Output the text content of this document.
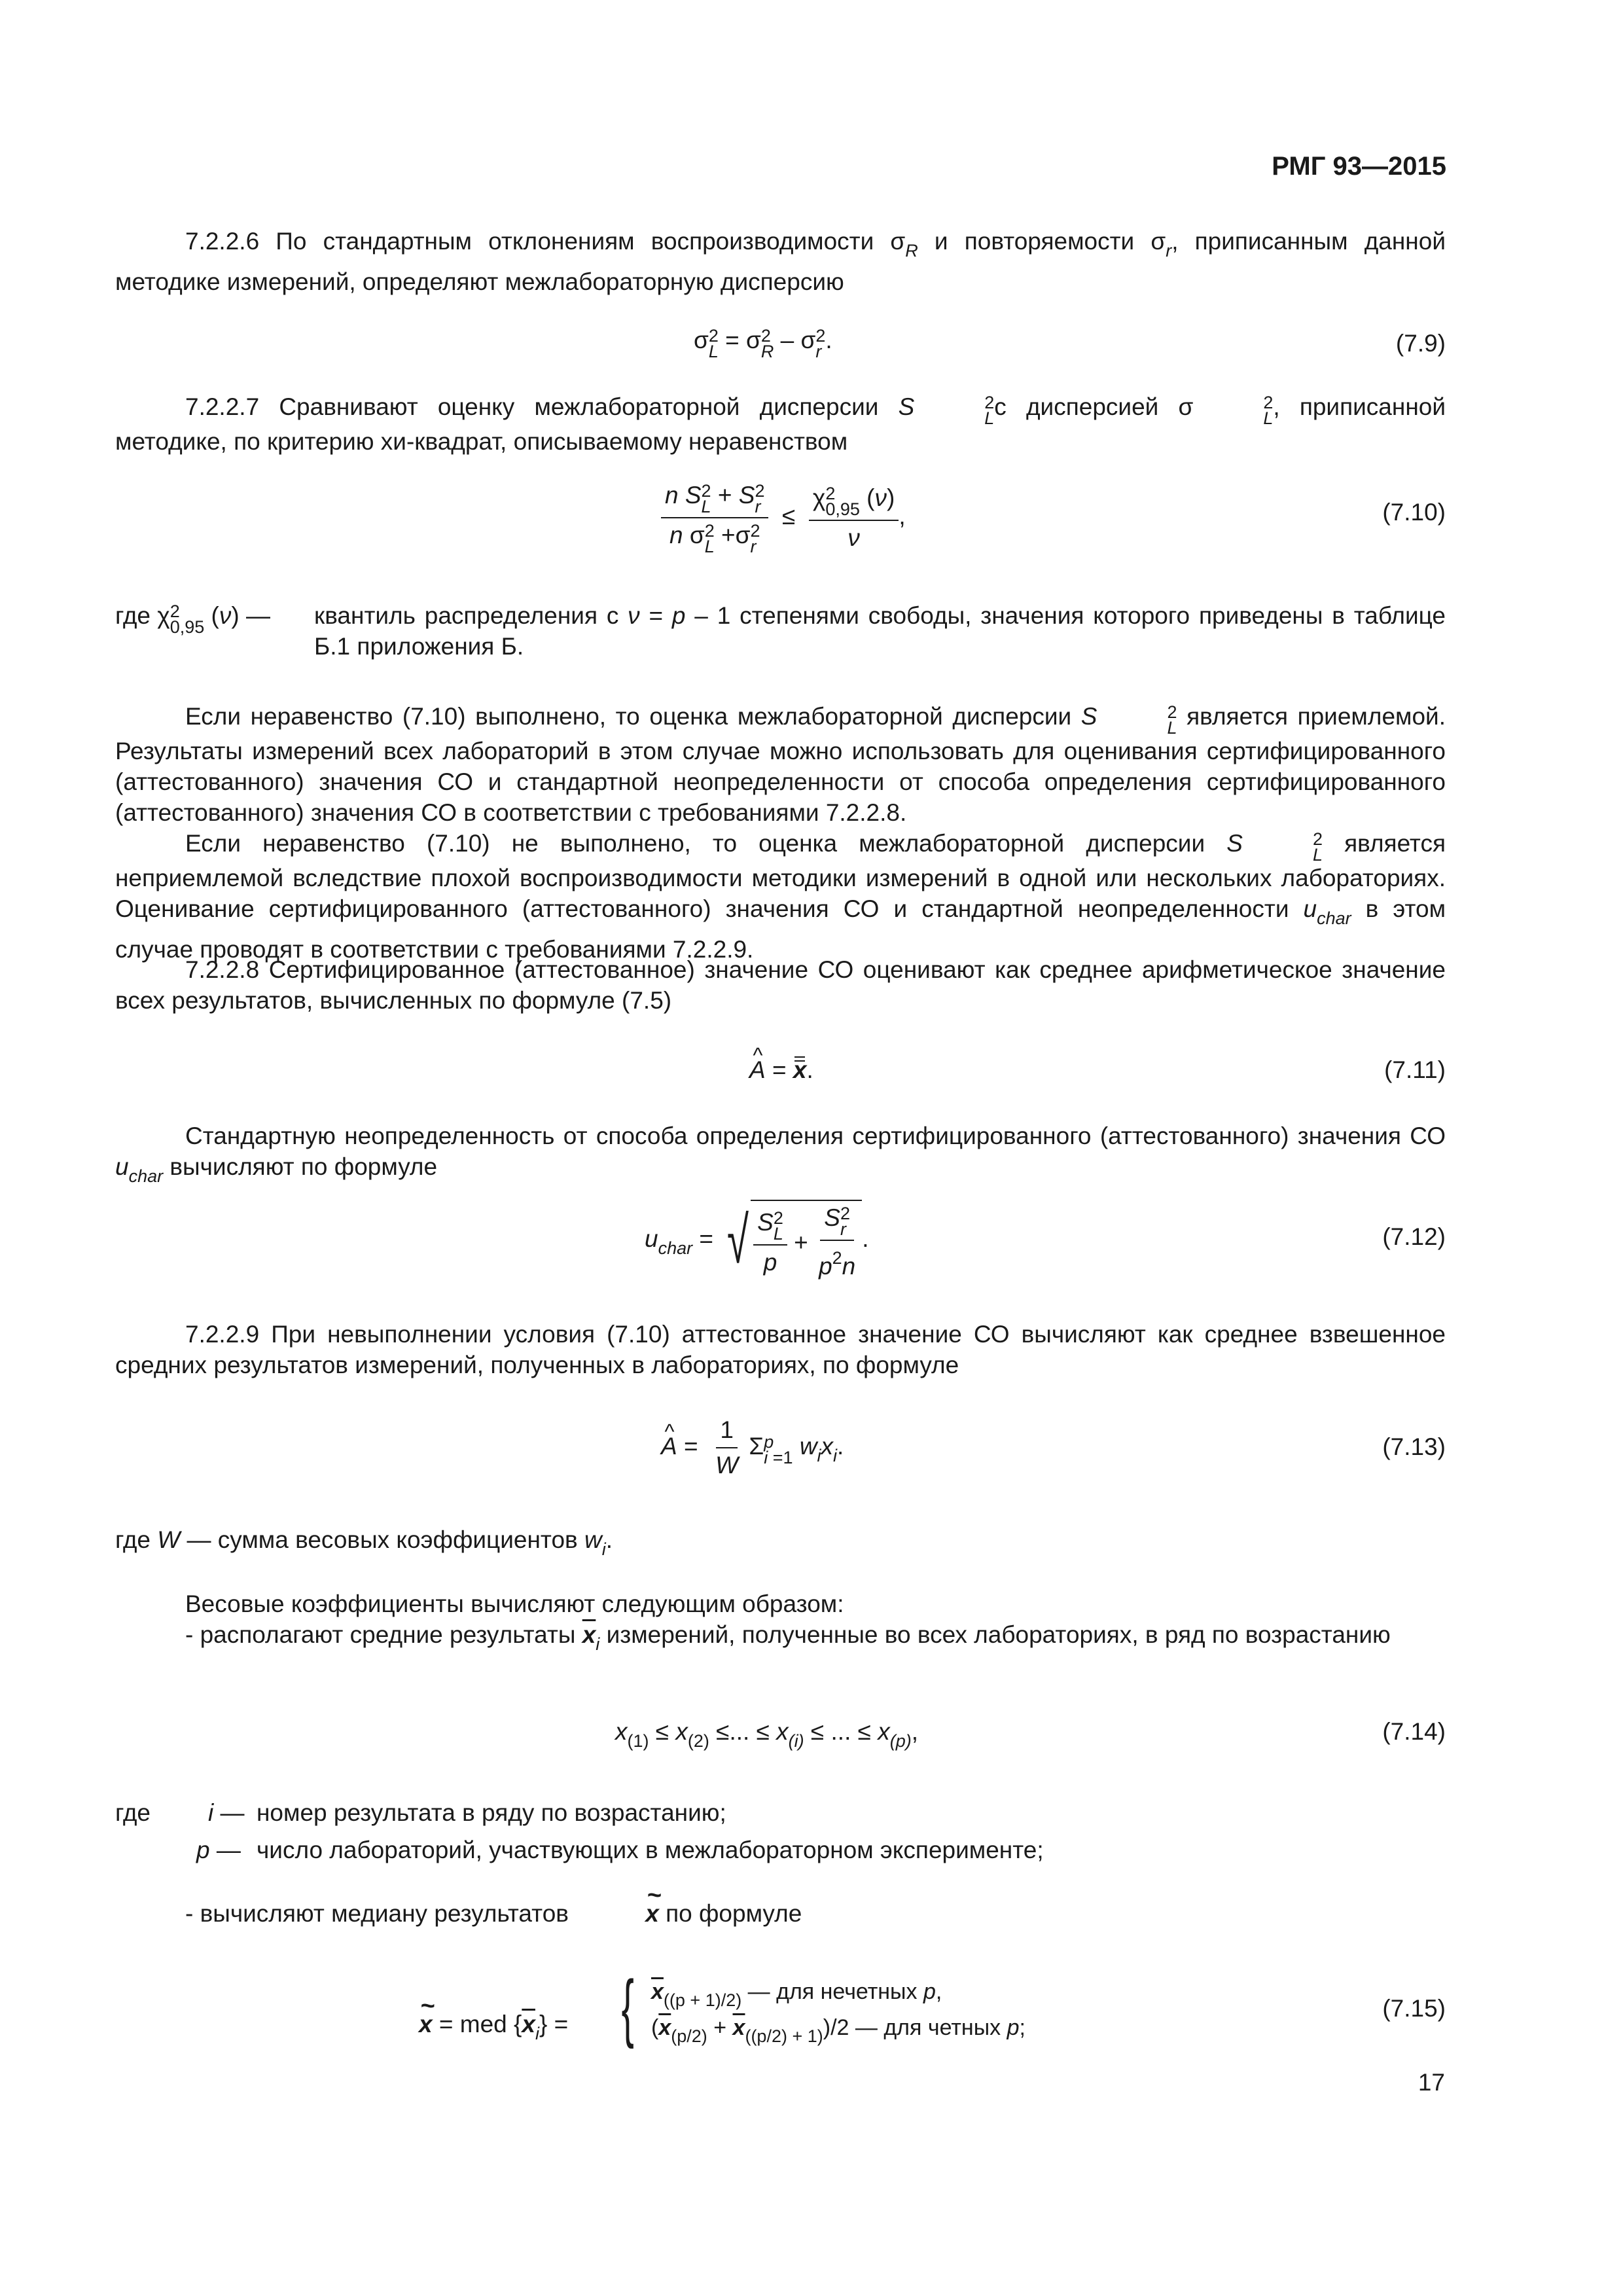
РМГ 93—2015

7.2.2.6 По стандартным отклонениям воспроизводимости $\sigma_R$ и повторяемости $\sigma_r$, приписанным данной методике измерений, определяют межлабораторную дисперсию

σ 2
L = σ 2
R – σ 2
r .	(7.9)

7.2.2.7 Сравнивают оценку межлабораторной дисперсии S	2
L с дисперсией σ	2
L , приписанной методике, по критерию хи-квадрат, описываемому неравенством

n S 2
L + S 2
r
n σ 2
L +σ 2
r ≤ χ 2
0,95 (ν)
ν ,	(7.10)
где χ 2
0,95 (ν) — квантиль распределения с ν = p – 1 степенями свободы, значения которого приведены в таблице Б.1 приложения Б.

Если неравенство (7.10) выполнено, то оценка межлабораторной дисперсии S	2
L является приемлемой. Результаты измерений всех лабораторий в этом случае можно использовать для оценивания сертифицированного (аттестованного) значения СО и стандартной неопределенности от способа определения сертифицированного (аттестованного) значения СО в соответствии с требованиями 7.2.2.8.

Если неравенство (7.10) не выполнено, то оценка межлабораторной дисперсии S	2
L является неприемлемой вследствие плохой воспроизводимости методики измерений в одной или нескольких лабораториях. Оценивание сертифицированного (аттестованного) значения СО и стандартной неопределенности $u_{char}$ в этом случае проводят в соответствии с требованиями 7.2.2.9.

7.2.2.8 Сертифицированное (аттестованное) значение СО оценивают как среднее арифметическое значение всех результатов, вычисленных по формуле (7.5)

^ A = x.	(7.11)

Стандартную неопределенность от способа определения сертифицированного (аттестованного) значения СО $u_{char}$ вычисляют по формуле

$u_{char}$ = √ S 2
L
p + S 2
r
$p^2n$ .	(7.12)

7.2.2.9 При невыполнении условия (7.10) аттестованное значение СО вычисляют как среднее взвешенное средних результатов измерений, полученных в лабораториях, по формуле

^ $A = \frac{1}{W}$ Σ p
i =1 $w_ix_i$.	(7.13)
где W — сумма весовых коэффициентов $w_i$.

Весовые коэффициенты вычисляют следующим образом:

- располагают средние результаты $\overline{x}_i$ измерений, полученные во всех лабораториях, в ряд по возрастанию

$x_{(1)} \le x_{(2)}$ ≤... ≤ $x_{(i)}$ ≤ ... ≤ $x_{(p)}$,	(7.14)
где i — номер результата в ряду по возрастанию;
p — число лабораторий, участвующих в межлабораторном эксперименте;

- вычисляют медиану результатов	~ x по формуле

~ x = med $\{\overline{x}_i\}$ = { $\overline{x}_{((p + 1)/2)}$ — для нечетных p,
$(\overline{x}_{(p/2)} + \overline{x}_{((p/2) + 1)})/2$ — для четных p;
(7.15)
17
